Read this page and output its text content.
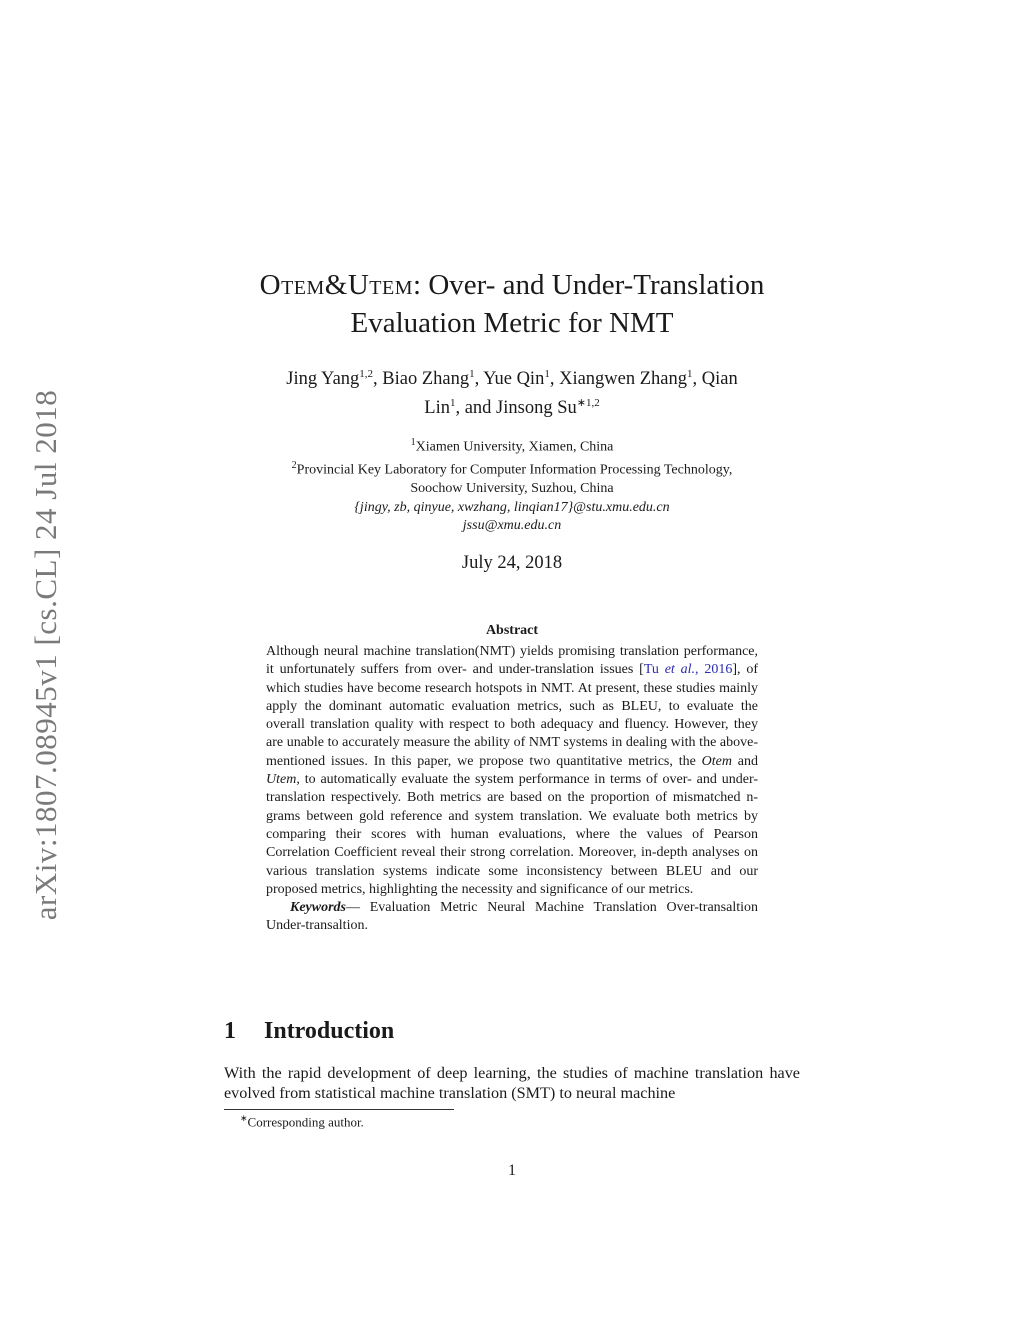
arXiv:1807.08945v1 [cs.CL] 24 Jul 2018
Otem&Utem: Over- and Under-Translation
Evaluation Metric for NMT
Jing Yang$^{1,2}$, Biao Zhang$^1$, Yue Qin$^1$, Xiangwen Zhang$^1$, Qian
Lin$^1$, and Jinsong $Su^{∗1,2}$
$^1$Xiamen University, Xiamen, China
$^2$Provincial Key Laboratory for Computer Information Processing Technology,
Soochow University, Suzhou, China
{jingy, zb, qinyue, xwzhang, linqian17}@stu.xmu.edu.cn
jssu@xmu.edu.cn
July 24, 2018
Abstract

Although neural machine translation(NMT) yields promising translation performance, it unfortunately suffers from over- and under-translation issues [Tu et al., 2016], of which studies have become research hotspots in NMT. At present, these studies mainly apply the dominant automatic evaluation metrics, such as BLEU, to evaluate the overall translation quality with respect to both adequacy and fluency. However, they are unable to accurately measure the ability of NMT systems in dealing with the above-mentioned issues. In this paper, we propose two quantitative metrics, the Otem and Utem, to automatically evaluate the system performance in terms of over- and under-translation respectively. Both metrics are based on the proportion of mismatched n-grams between gold reference and system translation. We evaluate both metrics by comparing their scores with human evaluations, where the values of Pearson Correlation Coefficient reveal their strong correlation. Moreover, in-depth analyses on various translation systems indicate some inconsistency between BLEU and our proposed metrics, highlighting the necessity and significance of our metrics.

Keywords— Evaluation Metric Neural Machine Translation Over-transaltion Under-transaltion.

1 Introduction
With the rapid development of deep learning, the studies of machine translation have evolved from statistical machine translation (SMT) to neural machine
∗Corresponding author.
1
